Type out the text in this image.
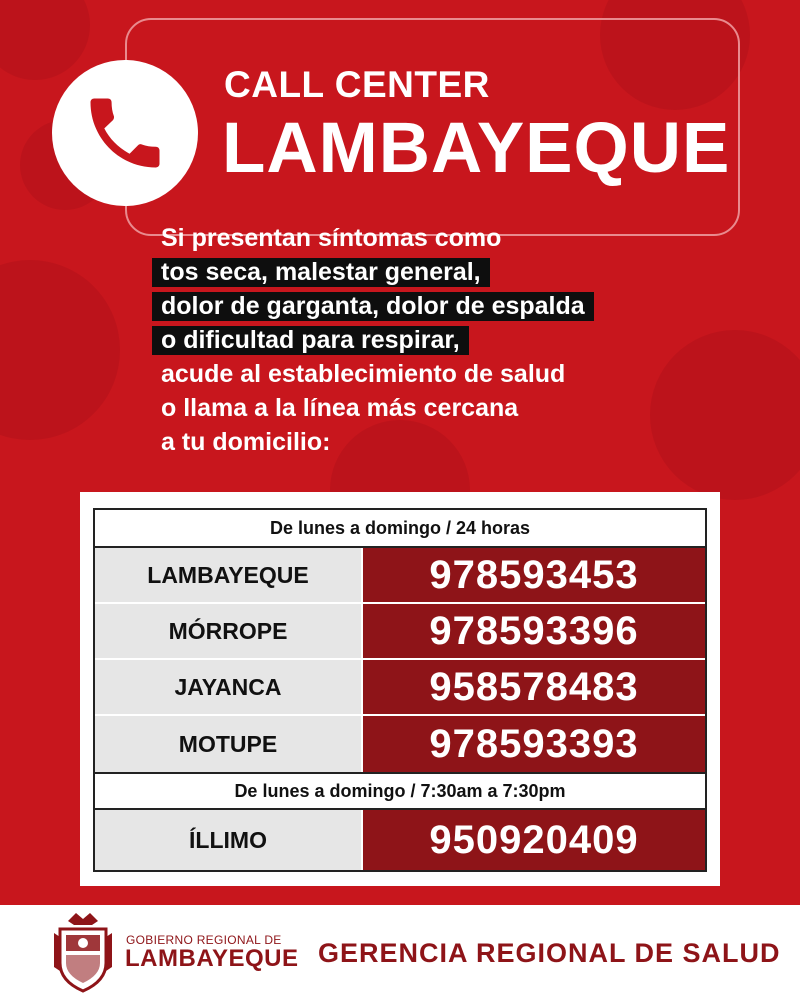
CALL CENTER
LAMBAYEQUE
Si presentan síntomas como
tos seca, malestar general,
dolor de garganta, dolor de espalda
o dificultad para respirar,
acude al establecimiento de salud
o llama a la línea más cercana
a tu domicilio:
De lunes a domingo / 24 horas
LAMBAYEQUE	978593453
MÓRROPE	978593396
JAYANCA	958578483
MOTUPE	978593393
De lunes a domingo / 7:30am a 7:30pm
ÍLLIMO	950920409
GOBIERNO REGIONAL DE
LAMBAYEQUE GERENCIA REGIONAL DE SALUD
